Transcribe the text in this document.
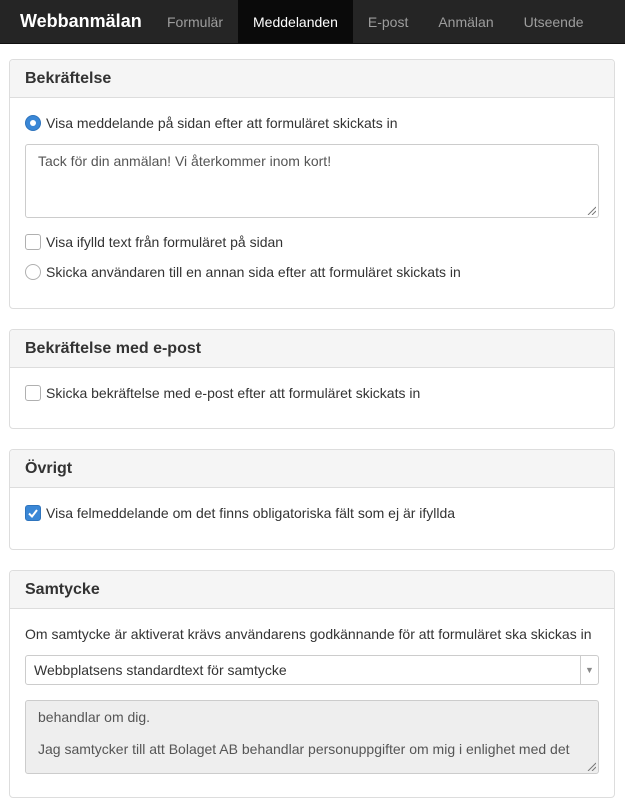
Webbanmälan	Formulär	Meddelanden	E-post	Anmälan	Utseende
Bekräftelse
Visa meddelande på sidan efter att formuläret skickats in
Tack för din anmälan! Vi återkommer inom kort!
Visa ifylld text från formuläret på sidan
Skicka användaren till en annan sida efter att formuläret skickats in
Bekräftelse med e-post
Skicka bekräftelse med e-post efter att formuläret skickats in
Övrigt
Visa felmeddelande om det finns obligatoriska fält som ej är ifyllda
Samtycke
Om samtycke är aktiverat krävs användarens godkännande för att formuläret ska skickas in
Webbplatsens standardtext för samtycke	▼
behandlar om dig.

Jag samtycker till att Bolaget AB behandlar personuppgifter om mig i enlighet med det
